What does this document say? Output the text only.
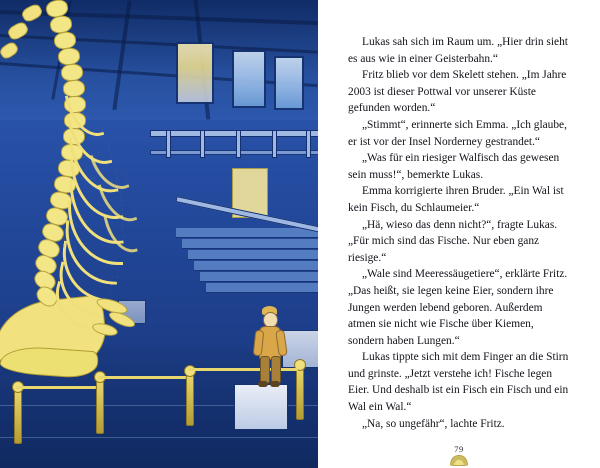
Lukas sah sich im Raum um. „Hier drin sieht es aus wie in einer Geisterbahn.“

Fritz blieb vor dem Skelett stehen. „Im Jahre 2003 ist dieser Pottwal vor unserer Küste gefunden worden.“

„Stimmt“, erinnerte sich Emma. „Ich glaube, er ist vor der Insel Norderney gestrandet.“

„Was für ein riesiger Walfisch das gewesen sein muss!“, bemerkte Lukas.

Emma korrigierte ihren Bruder. „Ein Wal ist kein Fisch, du Schlaumeier.“

„Hä, wieso das denn nicht?“, fragte Lukas. „Für mich sind das Fische. Nur eben ganz riesige.“

„Wale sind Meeressäugetiere“, erklärte Fritz. „Das heißt, sie legen keine Eier, sondern ihre Jungen werden lebend geboren. Außerdem atmen sie nicht wie Fische über Kiemen, sondern haben Lungen.“

Lukas tippte sich mit dem Finger an die Stirn und grinste. „Jetzt verstehe ich! Fische legen Eier. Und deshalb ist ein Fisch ein Fisch und ein Wal ein Wal.“

„Na, so ungefähr“, lachte Fritz.

79
